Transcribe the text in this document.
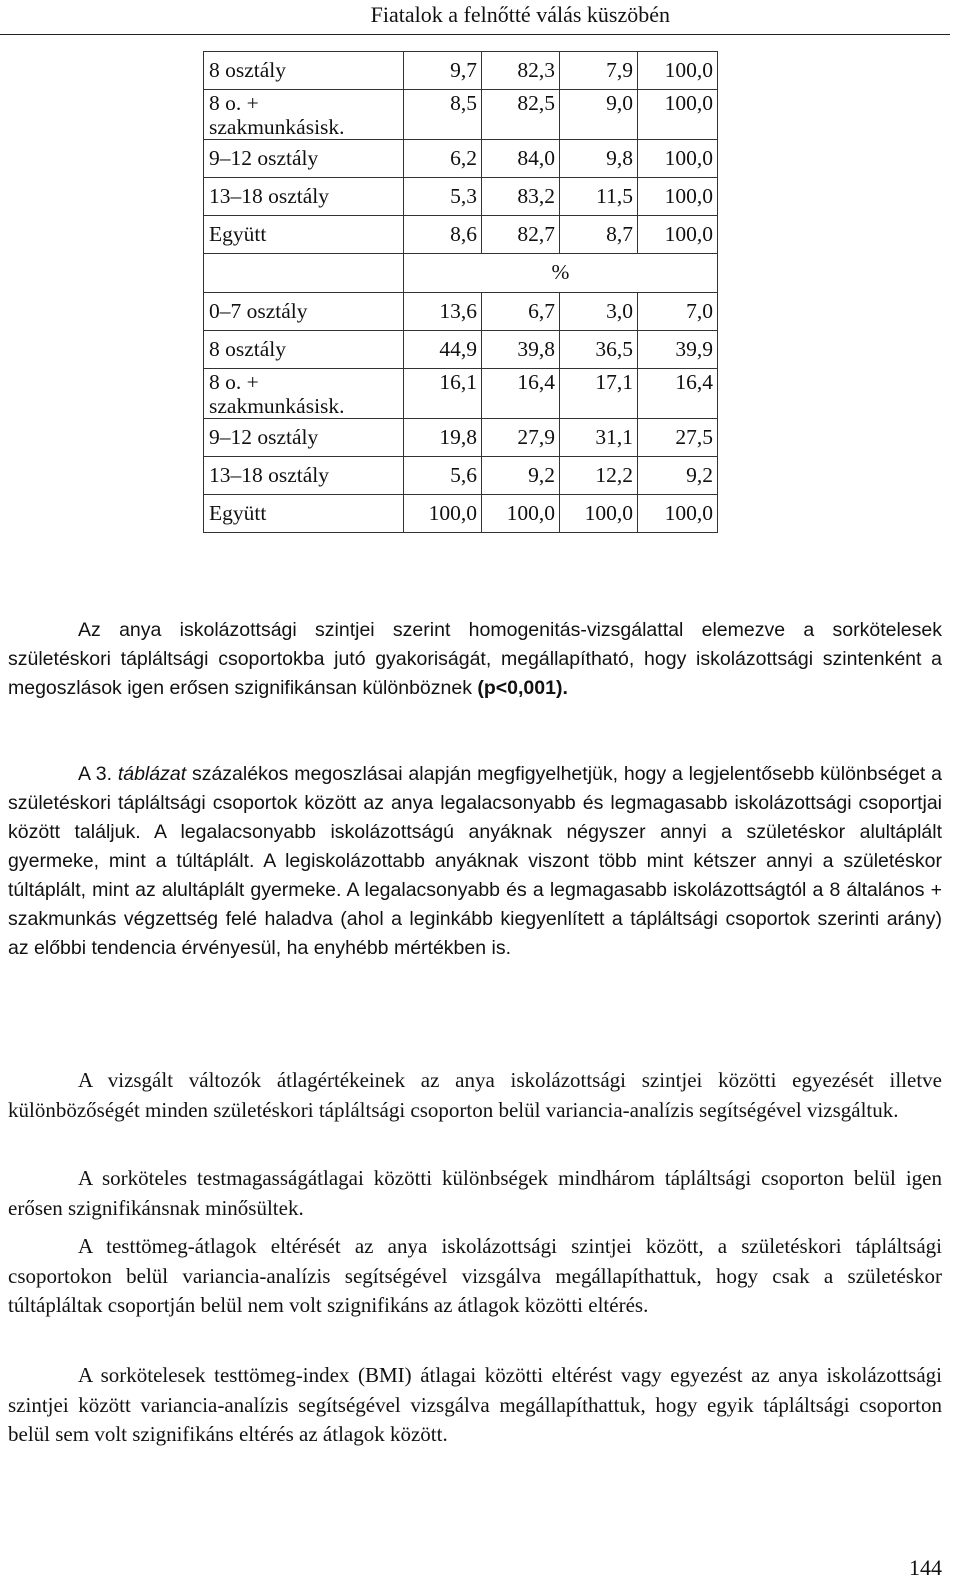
Fiatalok a felnőtté válás küszöbén
8 osztály	9,7	82,3	7,9	100,0
8 o. + szakmunkásisk.	8,5	82,5	9,0	100,0
9–12 osztály	6,2	84,0	9,8	100,0
13–18 osztály	5,3	83,2	11,5	100,0
Együtt	8,6	82,7	8,7	100,0
	%			
0–7 osztály	13,6	6,7	3,0	7,0
8 osztály	44,9	39,8	36,5	39,9
8 o. + szakmunkásisk.	16,1	16,4	17,1	16,4
9–12 osztály	19,8	27,9	31,1	27,5
13–18 osztály	5,6	9,2	12,2	9,2
Együtt	100,0	100,0	100,0	100,0

Az anya iskolázottsági szintjei szerint homogenitás-vizsgálattal elemezve a sorkötelesek születéskori tápláltsági csoportokba jutó gyakoriságát, megállapítható, hogy iskolázottsági szintenként a megoszlások igen erősen szignifikánsan különböznek (p<0,001).

A 3. táblázat százalékos megoszlásai alapján megfigyelhetjük, hogy a legjelentősebb különbséget a születéskori tápláltsági csoportok között az anya legalacsonyabb és legmagasabb iskolázottsági csoportjai között találjuk. A legalacsonyabb iskolázottságú anyáknak négyszer annyi a születéskor alultáplált gyermeke, mint a túltáplált. A legiskolázottabb anyáknak viszont több mint kétszer annyi a születéskor túltáplált, mint az alultáplált gyermeke. A legalacsonyabb és a legmagasabb iskolázottságtól a 8 általános + szakmunkás végzettség felé haladva (ahol a leginkább kiegyenlített a tápláltsági csoportok szerinti arány) az előbbi tendencia érvényesül, ha enyhébb mértékben is.

A vizsgált változók átlagértékeinek az anya iskolázottsági szintjei közötti egyezését illetve különbözőségét minden születéskori tápláltsági csoporton belül variancia-analízis segítségével vizsgáltuk.

A sorköteles testmagasságátlagai közötti különbségek mindhárom tápláltsági csoporton belül igen erősen szignifikánsnak minősültek.

A testtömeg-átlagok eltérését az anya iskolázottsági szintjei között, a születéskori tápláltsági csoportokon belül variancia-analízis segítségével vizsgálva megállapíthattuk, hogy csak a születéskor túltápláltak csoportján belül nem volt szignifikáns az átlagok közötti eltérés.

A sorkötelesek testtömeg-index (BMI) átlagai közötti eltérést vagy egyezést az anya iskolázottsági szintjei között variancia-analízis segítségével vizsgálva megállapíthattuk, hogy egyik tápláltsági csoporton belül sem volt szignifikáns eltérés az átlagok között.

144
